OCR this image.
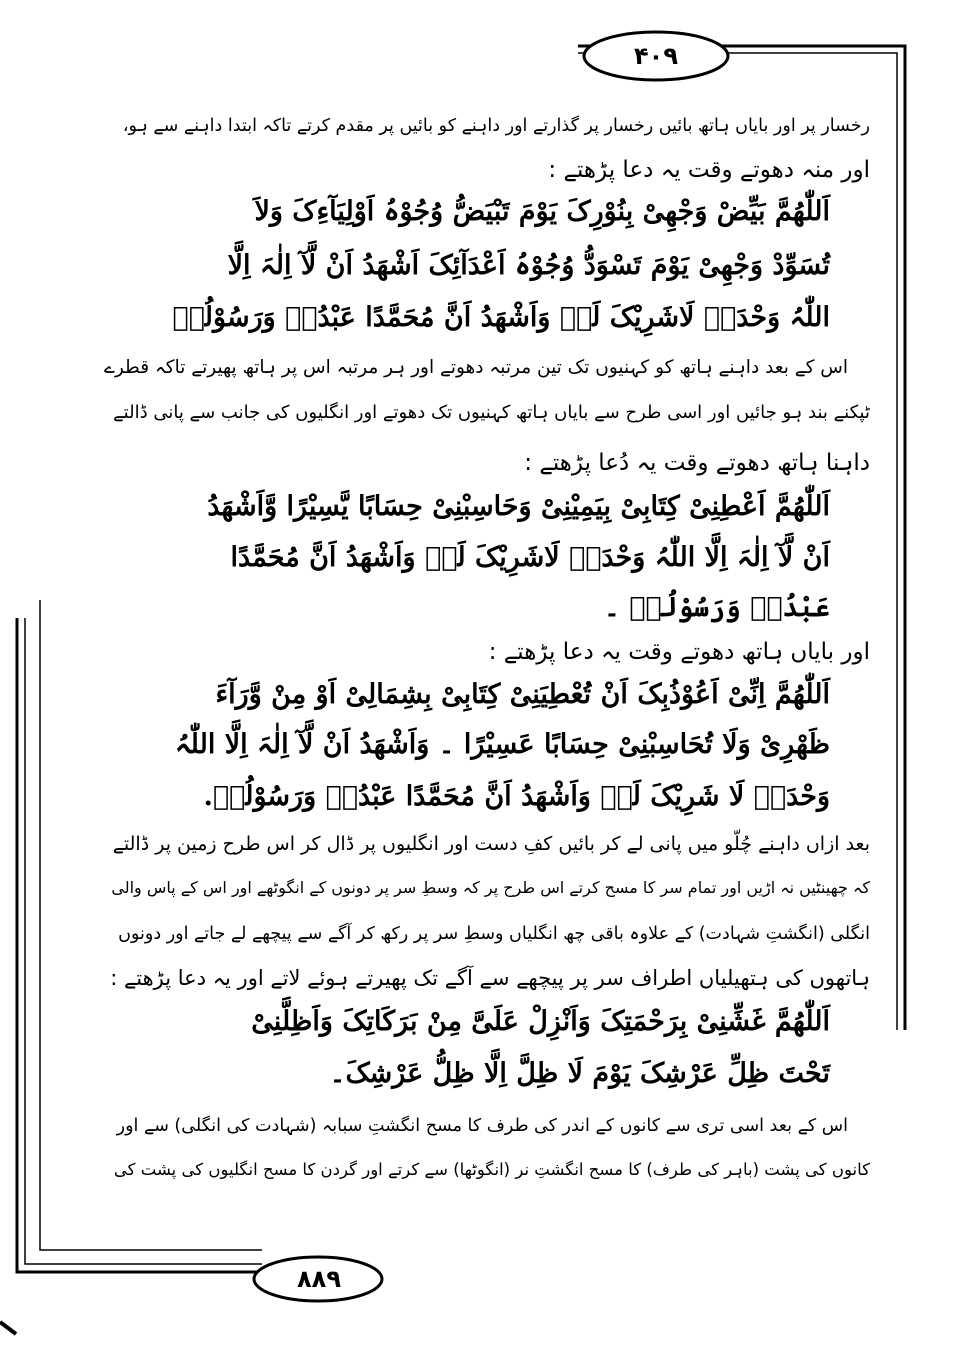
۴۰۹
۸۸۹
رخسار پر اور بایاں ہاتھ بائیں رخسار پر گذارتے اور داہنے کو بائیں پر مقدم کرتے تاکہ ابتدا داہنے سے ہو،
اور منہ دھوتے وقت یہ دعا پڑھتے :
اَللّٰھُمَّ بَیِّضْ وَجْھِیْ بِنُوْرِکَ یَوْمَ تَبْیَضُّ وُجُوْہُ اَوْلِیَآءِکَ وَلاَ
تُسَوِّدْ وَجْھِیْ یَوْمَ تَسْوَدُّ وُجُوْہُ اَعْدَآئِکَ اَشْھَدُ اَنْ لَّآ اِلٰہَ اِلَّا
اللّٰہُ وَحْدَہٗ لَاشَرِیْکَ لَہٗ وَاَشْھَدُ اَنَّ مُحَمَّدًا عَبْدُہٗ وَرَسُوْلُہٗ
اس کے بعد داہنے ہاتھ کو کہنیوں تک تین مرتبہ دھوتے اور ہر مرتبہ اس پر ہاتھ پھیرتے تاکہ قطرے
ٹپکنے بند ہو جائیں اور اسی طرح سے بایاں ہاتھ کہنیوں تک دھوتے اور انگلیوں کی جانب سے پانی ڈالتے
داہنا ہاتھ دھوتے وقت یہ دُعا پڑھتے :
اَللّٰھُمَّ اَعْطِنِیْ کِتَابِیْ بِیَمِیْنِیْ وَحَاسِبْنِیْ حِسَابًا یَّسِیْرًا وَّاَشْھَدُ
اَنْ لَّآ اِلٰہَ اِلَّا اللّٰہُ وَحْدَہٗ لَاشَرِیْکَ لَہٗ وَاَشْھَدُ اَنَّ مُحَمَّدًا
عَبْدُہٗ وَرَسُوْلُہٗ ۔
اور بایاں ہاتھ دھوتے وقت یہ دعا پڑھتے :
اَللّٰھُمَّ اِنِّیْ اَعُوْذُبِکَ اَنْ تُعْطِیَنِیْ کِتَابِیْ بِشِمَالِیْ اَوْ مِنْ وَّرَآءَ
ظَھْرِیْ وَلَا تُحَاسِبْنِیْ حِسَابًا عَسِیْرًا ۔ وَاَشْھَدُ اَنْ لَّآ اِلٰہَ اِلَّا اللّٰہُ
وَحْدَہٗ لَا شَرِیْکَ لَہٗ وَاَشْھَدُ اَنَّ مُحَمَّدًا عَبْدُہٗ وَرَسُوْلُہٗ.
بعد ازاں داہنے چُلّو میں پانی لے کر بائیں کفِ دست اور انگلیوں پر ڈال کر اس طرح زمین پر ڈالتے
کہ چھینٹیں نہ اڑیں اور تمام سر کا مسح کرتے اس طرح پر کہ وسطِ سر پر دونوں کے انگوٹھے اور اس کے پاس والی
انگلی (انگشتِ شہادت) کے علاوہ باقی چھ انگلیاں وسطِ سر پر رکھ کر آگے سے پیچھے لے جاتے اور دونوں
ہاتھوں کی ہتھیلیاں اطراف سر پر پیچھے سے آگے تک پھیرتے ہوئے لاتے اور یہ دعا پڑھتے :
اَللّٰھُمَّ غَشِّنِیْ بِرَحْمَتِکَ وَاَنْزِلْ عَلَیَّ مِنْ بَرَکَاتِکَ وَاَظِلَّنِیْ
تَحْتَ ظِلِّ عَرْشِکَ یَوْمَ لَا ظِلَّ اِلَّا ظِلُّ عَرْشِکَ۔
اس کے بعد اسی تری سے کانوں کے اندر کی طرف کا مسح انگشتِ سبابہ (شہادت کی انگلی) سے اور
کانوں کی پشت (باہر کی طرف) کا مسح انگشتِ نر (انگوٹھا) سے کرتے اور گردن کا مسح انگلیوں کی پشت کی
